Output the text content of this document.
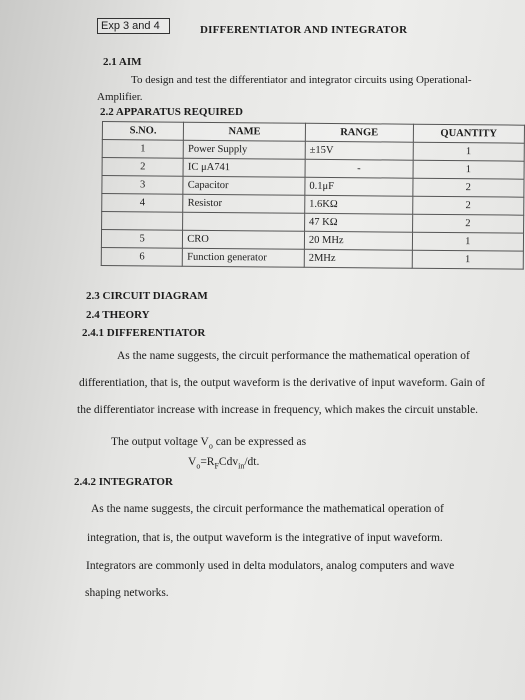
Exp 3 and 4	DIFFERENTIATOR AND INTEGRATOR
2.1 AIM
To design and test the differentiator and integrator circuits using Operational-
Amplifier.
2.2 APPARATUS REQUIRED
S.NO.	NAME	RANGE	QUANTITY
1	Power Supply	±15V	1
2	IC μA741	-	1
3	Capacitor	0.1μF	2
4	Resistor	1.6KΩ	2
		47 KΩ	2
5	CRO	20 MHz	1
6	Function generator	2MHz	1
2.3 CIRCUIT DIAGRAM
2.4 THEORY
2.4.1 DIFFERENTIATOR
As the name suggests, the circuit performance the mathematical operation of
differentiation, that is, the output waveform is the derivative of input waveform. Gain of
the differentiator increase with increase in frequency, which makes the circuit unstable.
The output voltage $V_o$ can be expressed as
$V_o=R_FCdv_{in}/dt$.
2.4.2 INTEGRATOR
As the name suggests, the circuit performance the mathematical operation of
integration, that is, the output waveform is the integrative of input waveform.
Integrators are commonly used in delta modulators, analog computers and wave
shaping networks.
